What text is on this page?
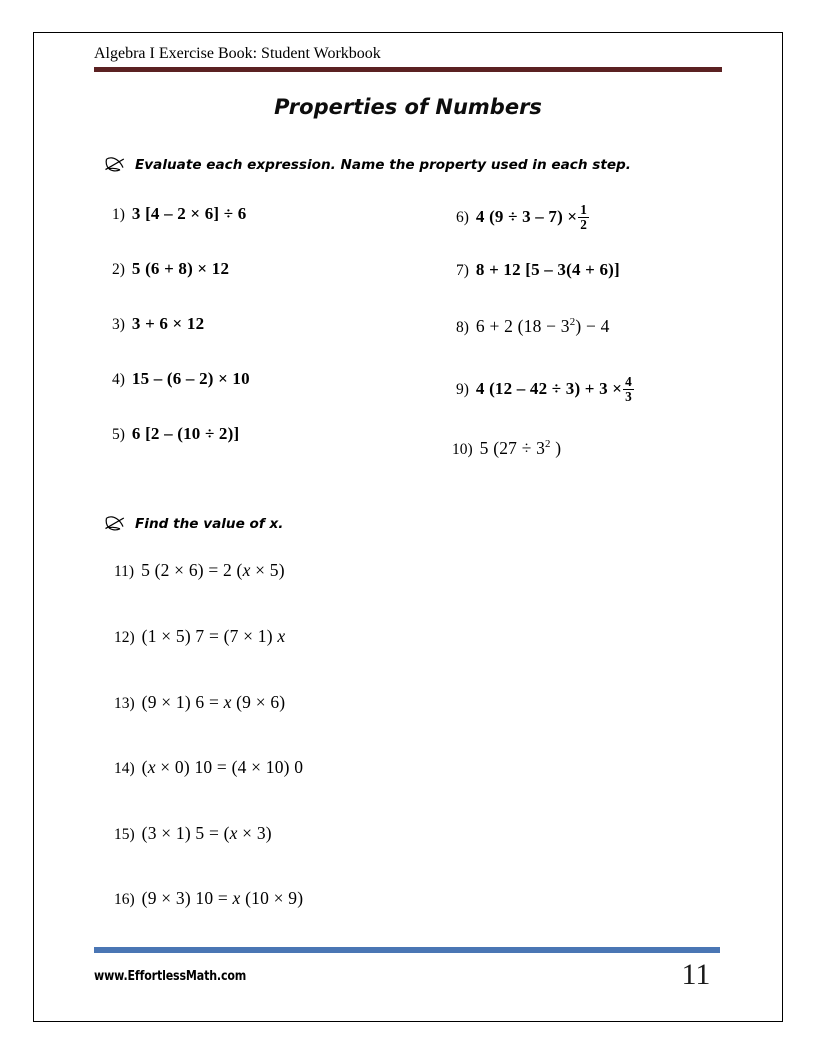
Algebra I Exercise Book: Student Workbook
Properties of Numbers
Evaluate each expression. Name the property used in each step.
1) 3 [4 – 2 × 6] ÷ 6
2) 5 (6 + 8) × 12
3) 3 + 6 × 12
4) 15 – (6 – 2) × 10
5) 6 [2 – (10 ÷ 2)]
6) 4 $(9 \div 3 - 7) \times \frac{1}{2}$
7) 8 + 12 [5 – 3(4 + 6)]
8) 6 + 2 $(18 - 3^2) - 4$
9) 4 $(12 - 42 \div 3) + 3 \times \frac{4}{3}$
10) 5 ($27 \div 3^2$ )
Find the value of x.
11) 5 (2 × 6) = 2 (x × 5)
12) (1 × 5) 7 = (7 × 1) x
13) (9 × 1) 6 = x (9 × 6)
14) (x × 0) 10 = (4 × 10) 0
15) (3 × 1) 5 = (x × 3)
16) (9 × 3) 10 = x (10 × 9)
www.EffortlessMath.com	11
